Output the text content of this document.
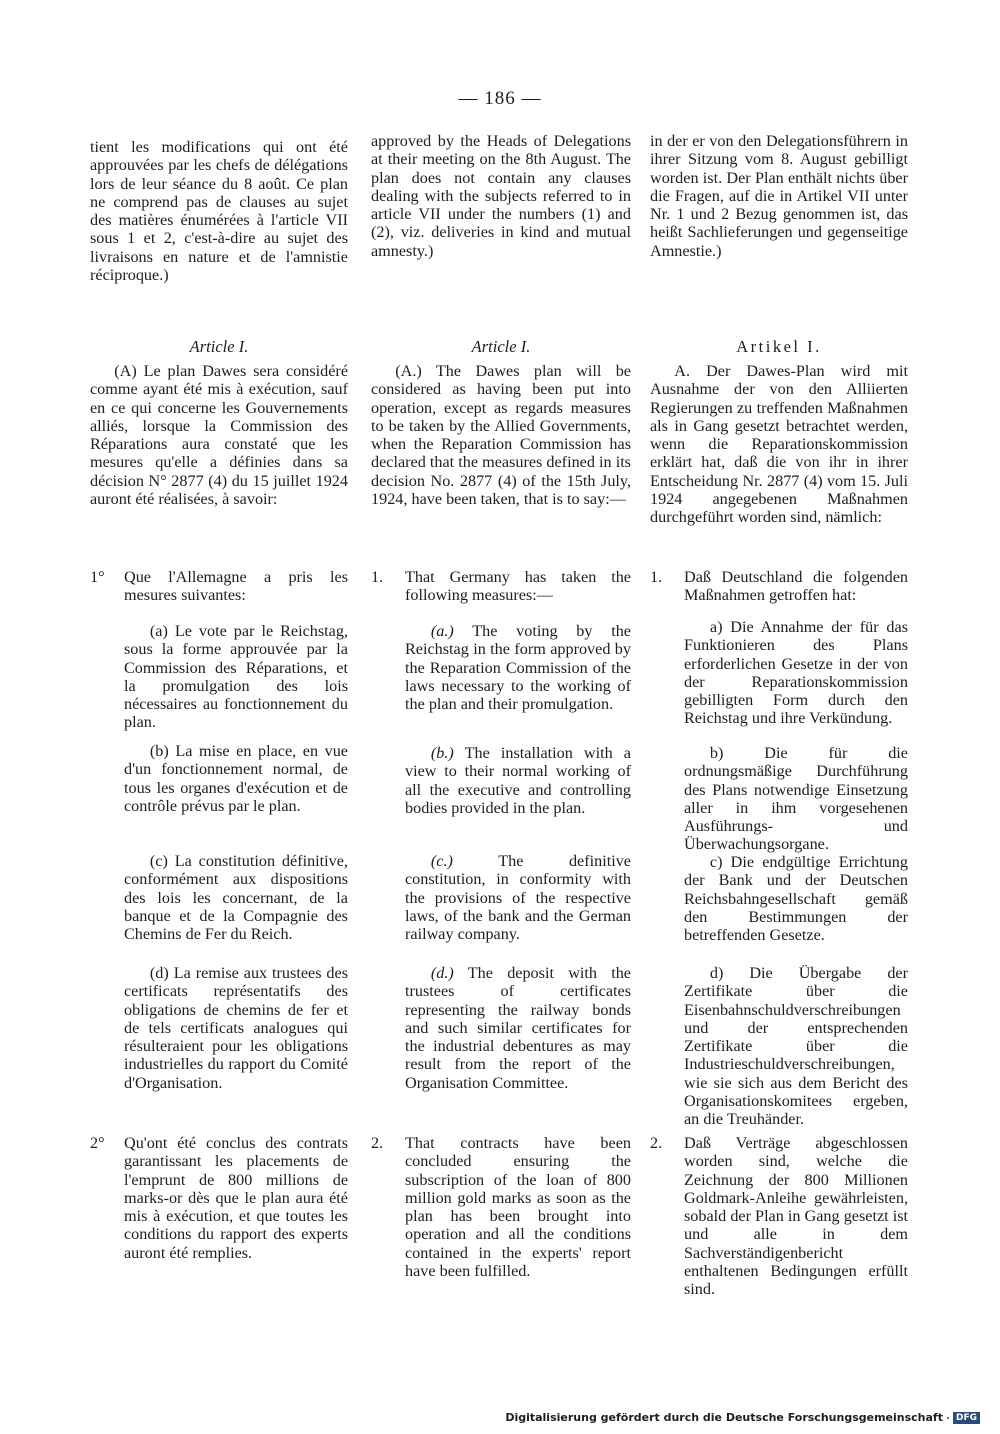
— 186 —

tient les modifications qui ont été approuvées par les chefs de délégations lors de leur séance du 8 août. Ce plan ne comprend pas de clauses au sujet des matières énumérées à l'article VII sous 1 et 2, c'est-à-dire au sujet des livraisons en nature et de l'amnistie réciproque.)

approved by the Heads of Delegations at their meeting on the 8th August. The plan does not contain any clauses dealing with the subjects referred to in article VII under the numbers (1) and (2), viz. deliveries in kind and mutual amnesty.)

in der er von den Delegationsführern in ihrer Sitzung vom 8. August gebilligt worden ist. Der Plan enthält nichts über die Fragen, auf die in Artikel VII unter Nr. 1 und 2 Bezug genommen ist, das heißt Sachlieferungen und gegenseitige Amnestie.)

Article I.	Article I.	Artikel I.

(A) Le plan Dawes sera considéré comme ayant été mis à exécution, sauf en ce qui concerne les Gouvernements alliés, lorsque la Commission des Réparations aura constaté que les mesures qu'elle a définies dans sa décision N° 2877 (4) du 15 juillet 1924 auront été réalisées, à savoir:

(A.) The Dawes plan will be considered as having been put into operation, except as regards measures to be taken by the Allied Governments, when the Reparation Commission has declared that the measures defined in its decision No. 2877 (4) of the 15th July, 1924, have been taken, that is to say:—

A. Der Dawes-Plan wird mit Ausnahme der von den Alliierten Regierungen zu treffenden Maßnahmen als in Gang gesetzt betrachtet werden, wenn die Reparationskommission erklärt hat, daß die von ihr in ihrer Entscheidung Nr. 2877 (4) vom 15. Juli 1924 angegebenen Maßnahmen durchgeführt worden sind, nämlich:

1°	Que l'Allemagne a pris les mesures suivantes:
1.	That Germany has taken the following measures:—
1.	Daß Deutschland die folgenden Maßnahmen getroffen hat:

(a) Le vote par le Reichstag, sous la forme approuvée par la Commission des Réparations, et la promulgation des lois nécessaires au fonctionnement du plan.

(a.) The voting by the Reichstag in the form approved by the Reparation Commission of the laws necessary to the working of the plan and their promulgation.

a) Die Annahme der für das Funktionieren des Plans erforderlichen Gesetze in der von der Reparationskommission gebilligten Form durch den Reichstag und ihre Verkündung.

(b) La mise en place, en vue d'un fonctionnement normal, de tous les organes d'exécution et de contrôle prévus par le plan.

(b.) The installation with a view to their normal working of all the executive and controlling bodies provided in the plan.

b) Die für die ordnungsmäßige Durchführung des Plans notwendige Einsetzung aller in ihm vorgesehenen Ausführungs- und Überwachungsorgane.

(c) La constitution définitive, conformément aux dispositions des lois les concernant, de la banque et de la Compagnie des Chemins de Fer du Reich.

(c.)	The definitive constitution, in conformity with the provisions of the respective laws, of the bank and the German railway company.

c) Die endgültige Errichtung der Bank und der Deutschen Reichsbahngesellschaft gemäß den Bestimmungen der betreffenden Gesetze.

(d) La remise aux trustees des certificats représentatifs des obligations de chemins de fer et de tels certificats analogues qui résulteraient pour les obligations industrielles du rapport du Comité d'Organisation.

(d.) The deposit with the trustees of certificates representing the railway bonds and such similar certificates for the industrial debentures as may result from the report of the Organisation Committee.

d) Die Übergabe der Zertifikate über die Eisenbahnschuldverschreibungen und der entsprechenden Zertifikate über die Industrieschuldverschreibungen, wie sie sich aus dem Bericht des Organisationskomitees ergeben, an die Treuhänder.

2°	Qu'ont été conclus des contrats garantissant les placements de l'emprunt de 800 millions de marks-or dès que le plan aura été mis à exécution, et que toutes les conditions du rapport des experts auront été remplies.
2.	That contracts have been concluded ensuring the subscription of the loan of 800 million gold marks as soon as the plan has been brought into operation and all the conditions contained in the experts' report have been fulfilled.
2.	Daß Verträge abgeschlossen worden sind, welche die Zeichnung der 800 Millionen Goldmark-Anleihe gewährleisten, sobald der Plan in Gang gesetzt ist und alle in dem Sachverständigenbericht enthaltenen Bedingungen erfüllt sind.
Digitalisierung gefördert durch die Deutsche Forschungsgemeinschaft	DFG
